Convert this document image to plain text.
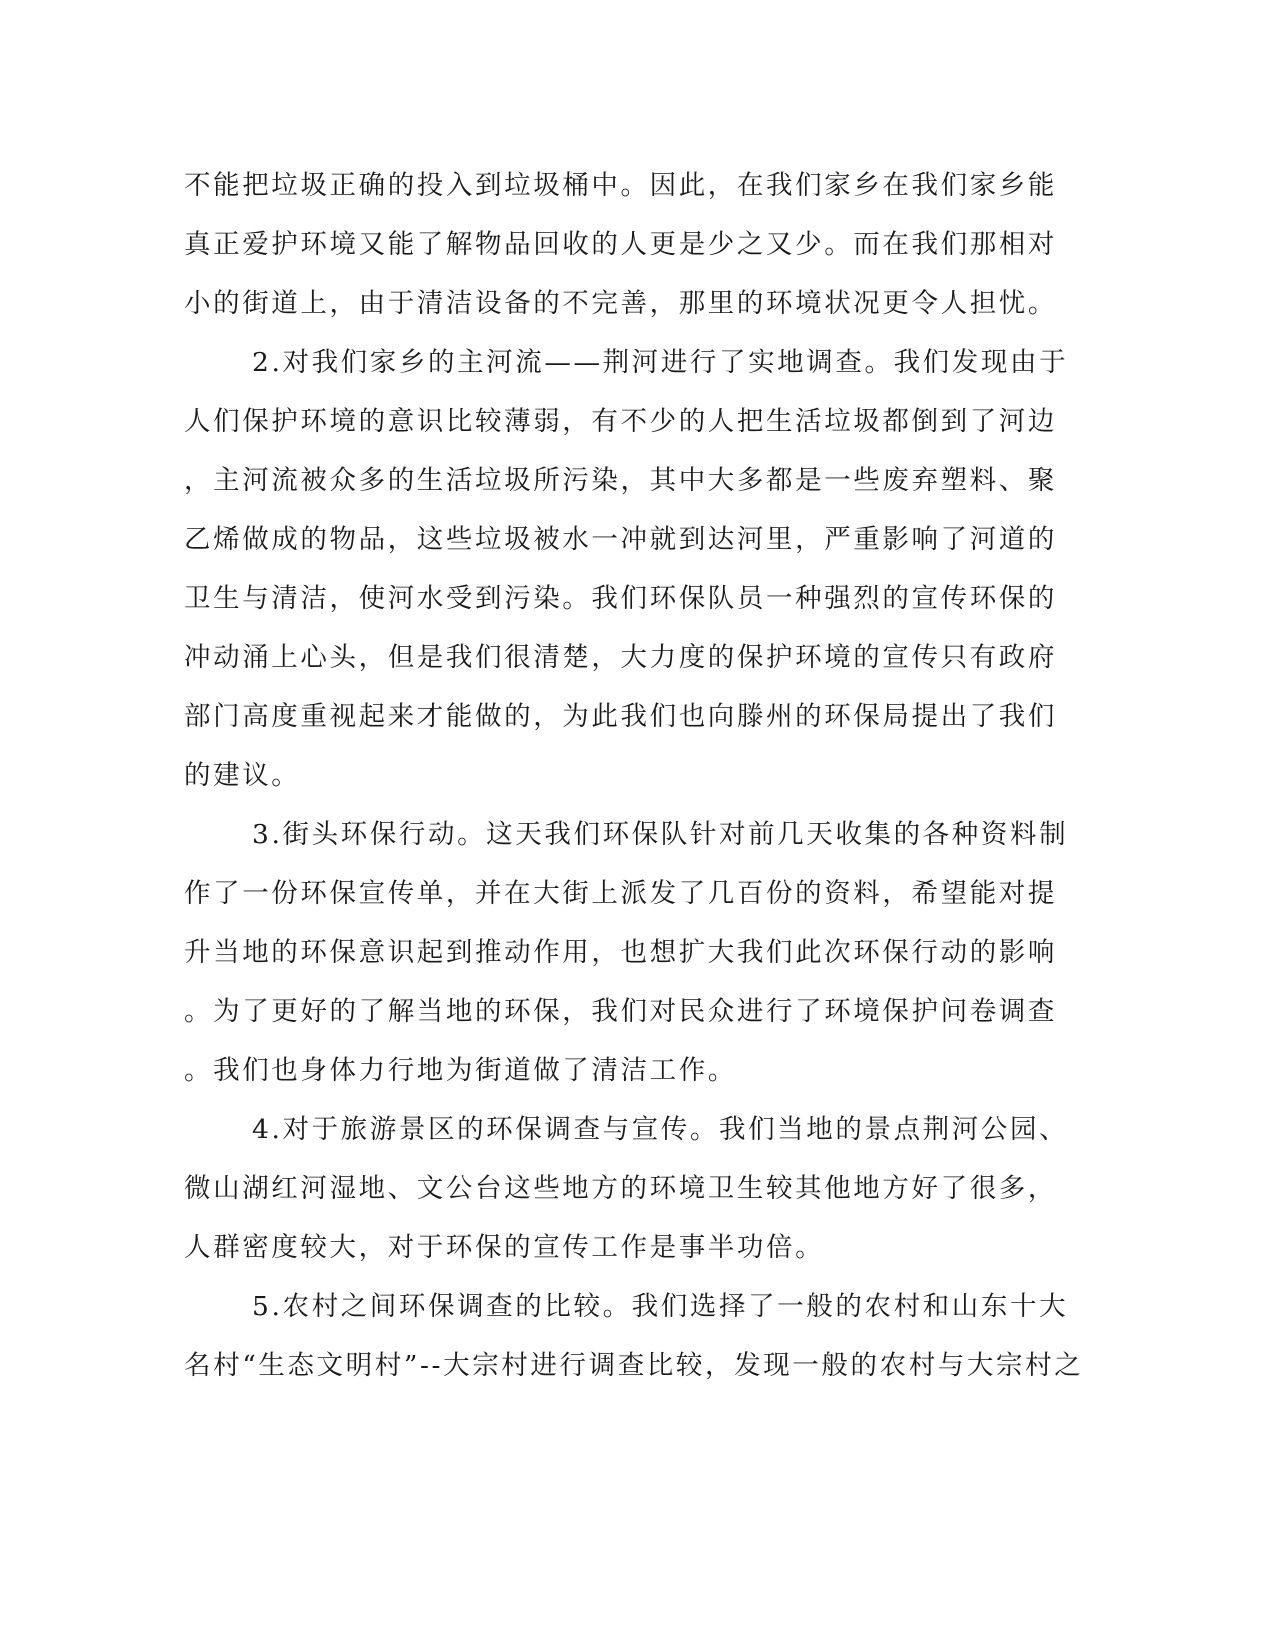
不能把垃圾正确的投入到垃圾桶中。因此，在我们家乡在我们家乡能
真正爱护环境又能了解物品回收的人更是少之又少。而在我们那相对
小的街道上，由于清洁设备的不完善，那里的环境状况更令人担忧。
2.对我们家乡的主河流——荆河进行了实地调查。我们发现由于
人们保护环境的意识比较薄弱，有不少的人把生活垃圾都倒到了河边
，主河流被众多的生活垃圾所污染，其中大多都是一些废弃塑料、聚
乙烯做成的物品，这些垃圾被水一冲就到达河里，严重影响了河道的
卫生与清洁，使河水受到污染。我们环保队员一种强烈的宣传环保的
冲动涌上心头，但是我们很清楚，大力度的保护环境的宣传只有政府
部门高度重视起来才能做的，为此我们也向滕州的环保局提出了我们
的建议。
3.街头环保行动。这天我们环保队针对前几天收集的各种资料制
作了一份环保宣传单，并在大街上派发了几百份的资料，希望能对提
升当地的环保意识起到推动作用，也想扩大我们此次环保行动的影响
。为了更好的了解当地的环保，我们对民众进行了环境保护问卷调查
。我们也身体力行地为街道做了清洁工作。
4.对于旅游景区的环保调查与宣传。我们当地的景点荆河公园、
微山湖红河湿地、文公台这些地方的环境卫生较其他地方好了很多，
人群密度较大，对于环保的宣传工作是事半功倍。
5.农村之间环保调查的比较。我们选择了一般的农村和山东十大
名村“生态文明村”--大宗村进行调查比较，发现一般的农村与大宗村之
